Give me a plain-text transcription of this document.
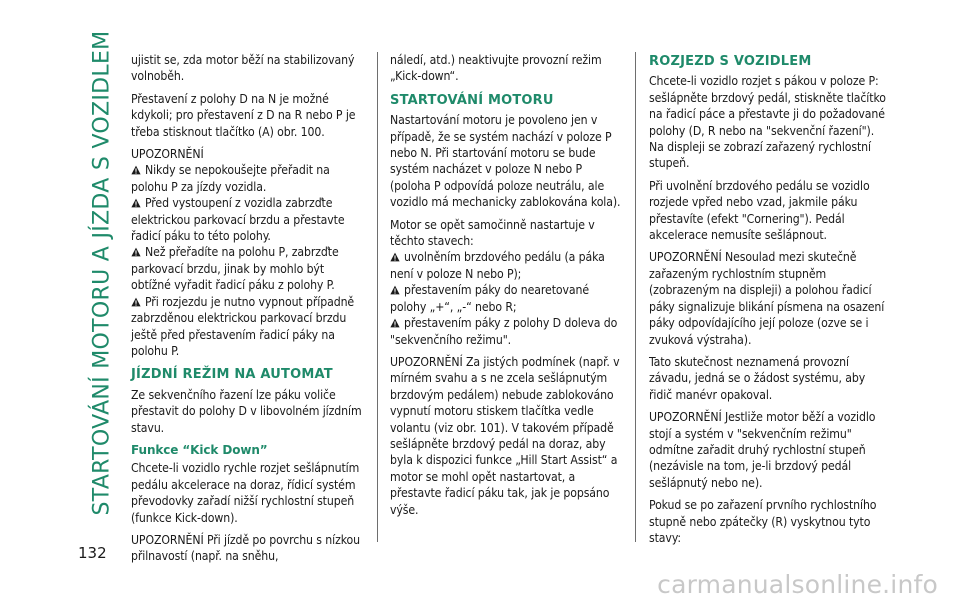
STARTOVÁNÍ MOTORU A JÍZDA S VOZIDLEM ujistit se, zda motor běží na stabilizovaný volnoběh.

Přestavení z polohy D na N je možné kdykoli; pro přestavení z D na R nebo P je třeba stisknout tlačítko (A) obr. 100.

UPOZORNĚNÍ

Nikdy se nepokoušejte přeřadit na polohu P za jízdy vozidla.

Před vystoupení z vozidla zabrzďte elektrickou parkovací brzdu a přestavte řadicí páku to této polohy.

Než přeřadíte na polohu P, zabrzďte parkovací brzdu, jinak by mohlo být obtížné vyřadit řadicí páku z polohy P.

Při rozjezdu je nutno vypnout případně zabrzděnou elektrickou parkovací brzdu ještě před přestavením řadicí páky na polohu P.

JÍZDNÍ REŽIM NA AUTOMAT

Ze sekvenčního řazení lze páku voliče přestavit do polohy D v libovolném jízdním stavu.

Funkce “Kick Down”

Chcete-li vozidlo rychle rozjet sešlápnutím pedálu akcelerace na doraz, řídicí systém převodovky zařadí nižší rychlostní stupeň (funkce Kick-down).

UPOZORNĚNÍ Při jízdě po povrchu s nízkou přilnavostí (např. na sněhu,

náledí, atd.) neaktivujte provozní režim „Kick-down“.

STARTOVÁNÍ MOTORU

Nastartování motoru je povoleno jen v případě, že se systém nachází v poloze P nebo N. Při startování motoru se bude systém nacházet v poloze N nebo P (poloha P odpovídá poloze neutrálu, ale vozidlo má mechanicky zablokována kola).

Motor se opět samočinně nastartuje v těchto stavech:

uvolněním brzdového pedálu (a páka není v poloze N nebo P);

přestavením páky do nearetované polohy „+“, „-“ nebo R;

přestavením páky z polohy D doleva do "sekvenčního režimu".

UPOZORNĚNÍ Za jistých podmínek (např. v mírném svahu a s ne zcela sešlápnutým brzdovým pedálem) nebude zablokováno vypnutí motoru stiskem tlačítka vedle volantu (viz obr. 101). V takovém případě sešlápněte brzdový pedál na doraz, aby byla k dispozici funkce „Hill Start Assist“ a motor se mohl opět nastartovat, a přestavte řadicí páku tak, jak je popsáno výše.

ROZJEZD S VOZIDLEM

Chcete-li vozidlo rozjet s pákou v poloze P: sešlápněte brzdový pedál, stiskněte tlačítko na řadicí páce a přestavte ji do požadované polohy (D, R nebo na "sekvenční řazení"). Na displeji se zobrazí zařazený rychlostní stupeň.

Při uvolnění brzdového pedálu se vozidlo rozjede vpřed nebo vzad, jakmile páku přestavíte (efekt "Cornering"). Pedál akcelerace nemusíte sešlápnout.

UPOZORNĚNÍ Nesoulad mezi skutečně zařazeným rychlostním stupněm (zobrazeným na displeji) a polohou řadicí páky signalizuje blikání písmena na osazení páky odpovídajícího její poloze (ozve se i zvuková výstraha).

Tato skutečnost neznamená provozní závadu, jedná se o žádost systému, aby řidič manévr opakoval.

UPOZORNĚNÍ Jestliže motor běží a vozidlo stojí a systém v "sekvenčním režimu" odmítne zařadit druhý rychlostní stupeň (nezávisle na tom, je-li brzdový pedál sešlápnutý nebo ne).

Pokud se po zařazení prvního rychlostního stupně nebo zpátečky (R) vyskytnou tyto stavy:

132
carmanualsonline.info
